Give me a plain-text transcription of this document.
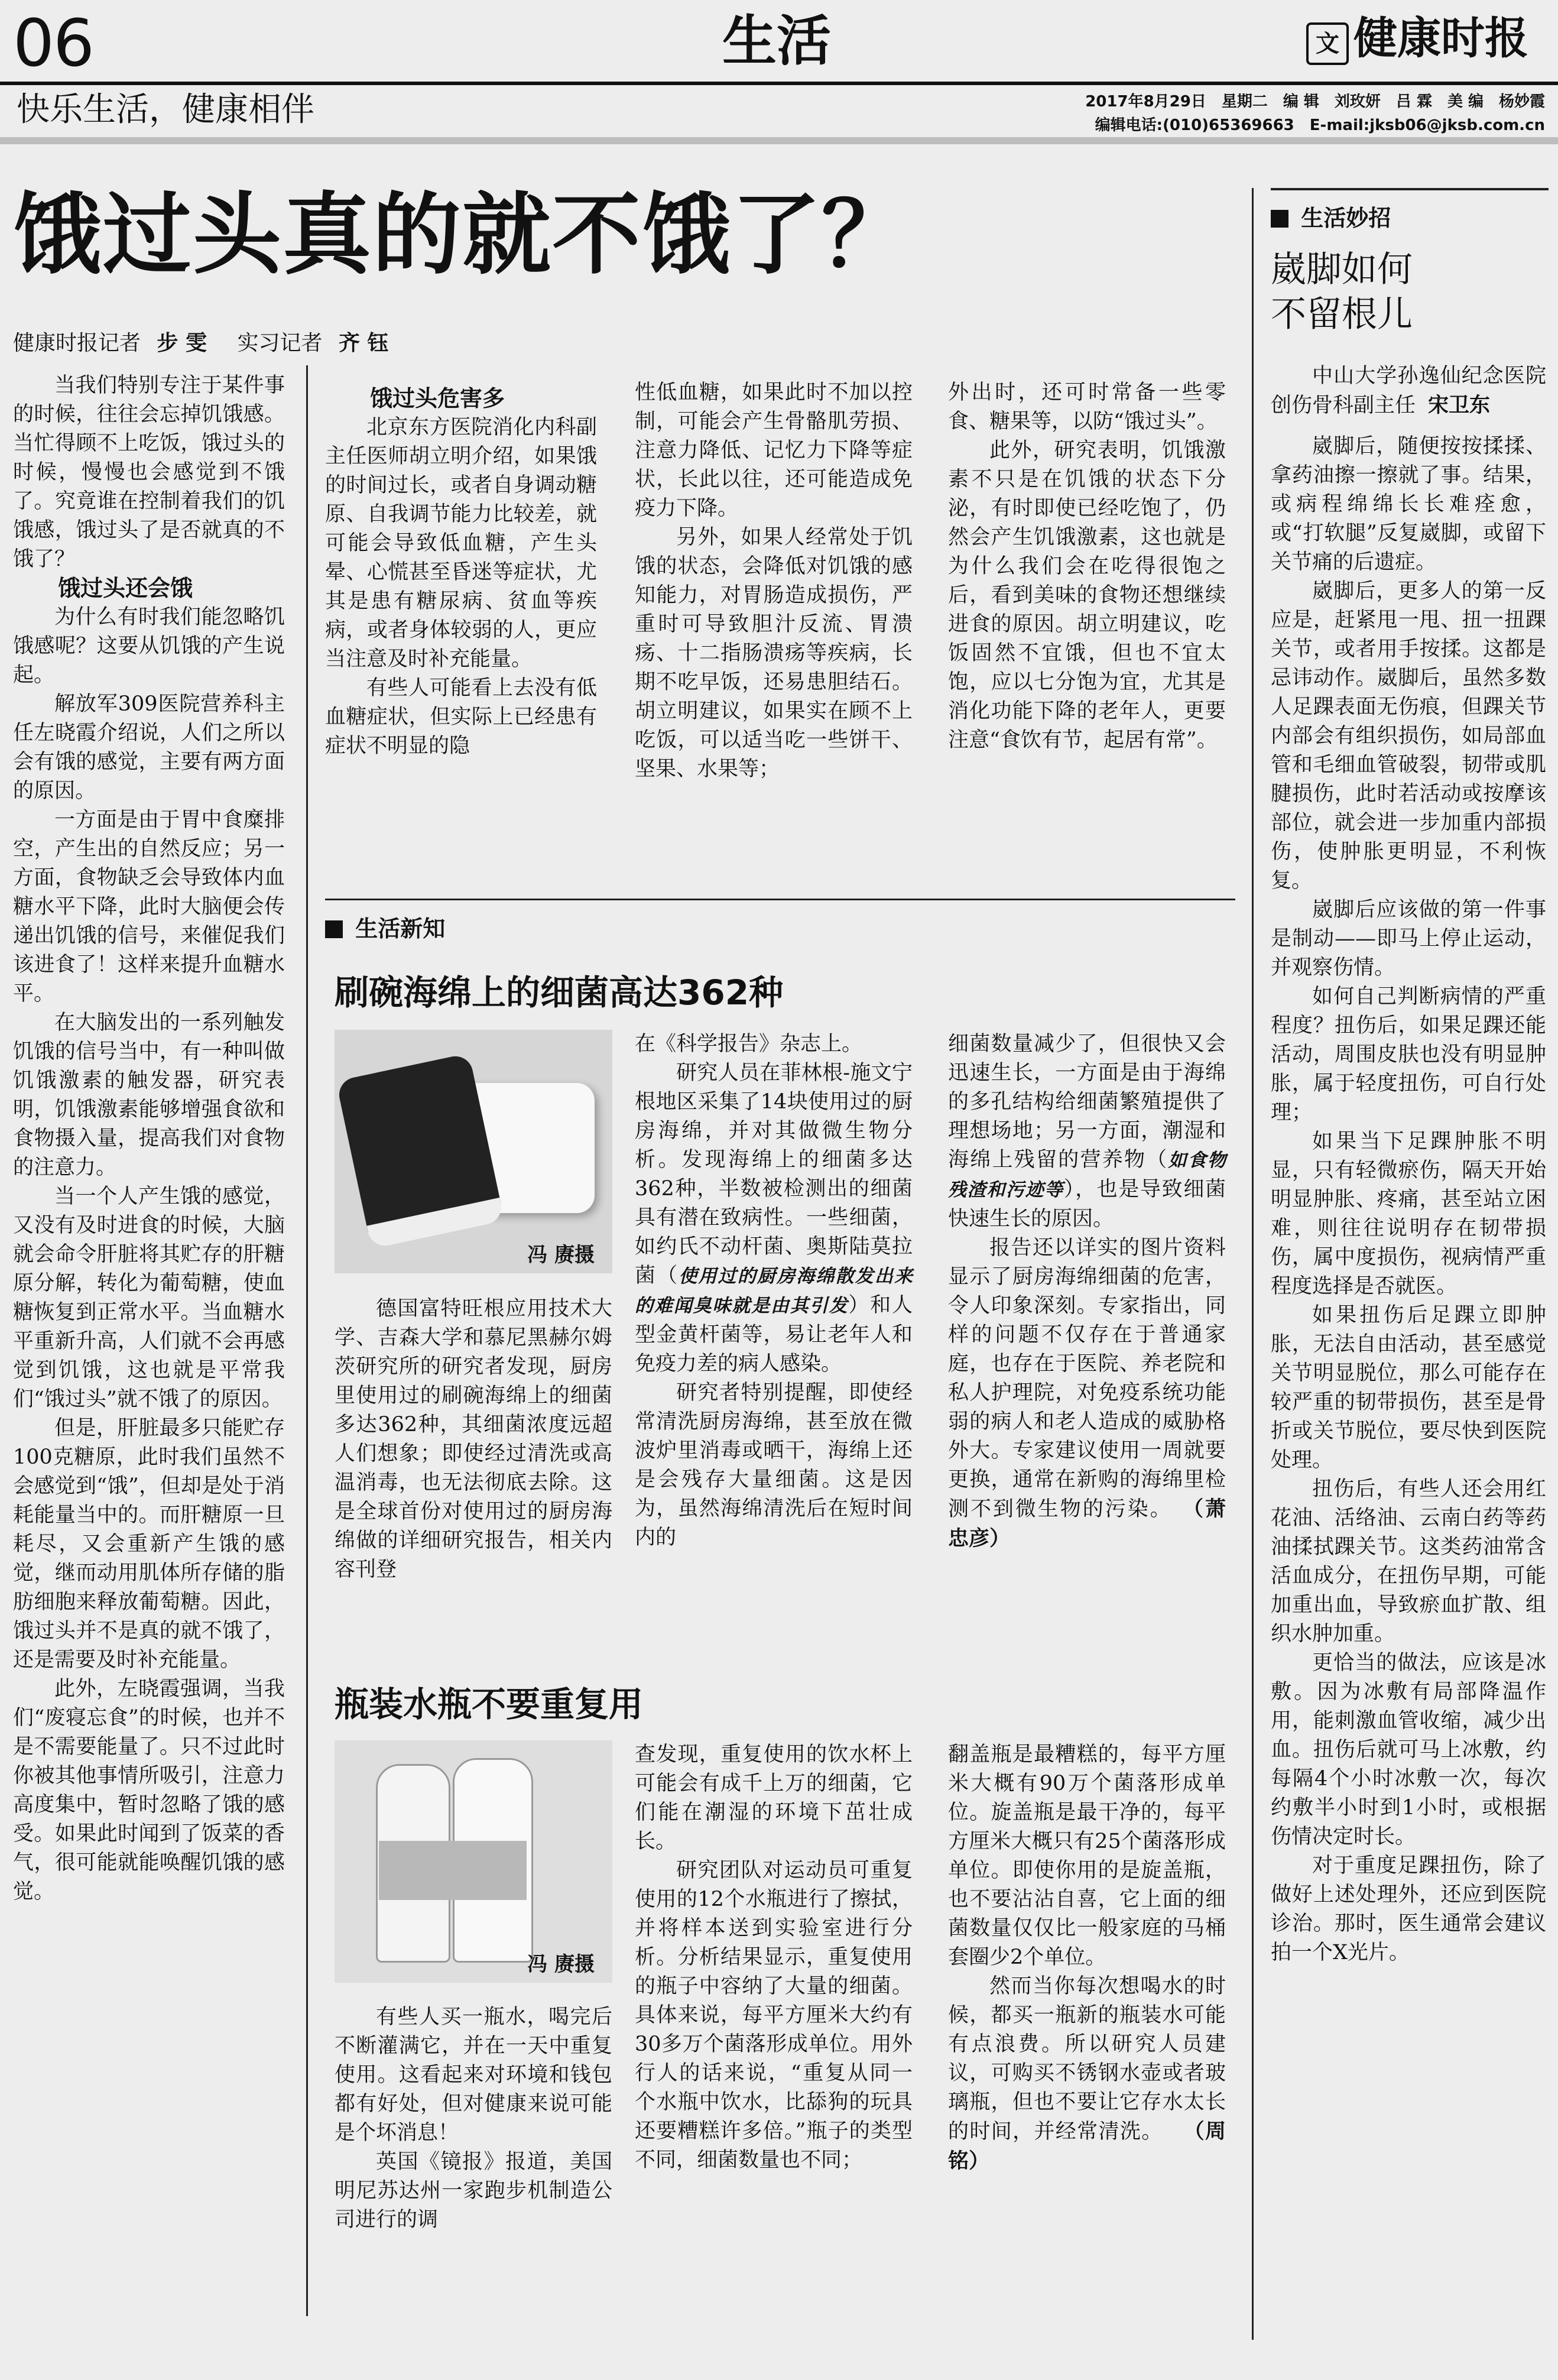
06	生活	文 健康时报
快乐生活，健康相伴	2017年8月29日　星期二　编 辑　刘玫妍　吕 霖　美 编　杨妙霞
编辑电话:(010)65369663　E-mail:jksb06@jksb.com.cn
饿过头真的就不饿了？
健康时报记者 步 雯 实习记者 齐 钰

当我们特别专注于某件事的时候，往往会忘掉饥饿感。当忙得顾不上吃饭，饿过头的时候，慢慢也会感觉到不饿了。究竟谁在控制着我们的饥饿感，饿过头了是否就真的不饿了？

饿过头还会饿

为什么有时我们能忽略饥饿感呢？这要从饥饿的产生说起。

解放军309医院营养科主任左晓霞介绍说，人们之所以会有饿的感觉，主要有两方面的原因。

一方面是由于胃中食糜排空，产生出的自然反应；另一方面，食物缺乏会导致体内血糖水平下降，此时大脑便会传递出饥饿的信号，来催促我们该进食了！这样来提升血糖水平。

在大脑发出的一系列触发饥饿的信号当中，有一种叫做饥饿激素的触发器，研究表明，饥饿激素能够增强食欲和食物摄入量，提高我们对食物的注意力。

当一个人产生饿的感觉，又没有及时进食的时候，大脑就会命令肝脏将其贮存的肝糖原分解，转化为葡萄糖，使血糖恢复到正常水平。当血糖水平重新升高，人们就不会再感觉到饥饿，这也就是平常我们“饿过头”就不饿了的原因。

但是，肝脏最多只能贮存100克糖原，此时我们虽然不会感觉到“饿”，但却是处于消耗能量当中的。而肝糖原一旦耗尽，又会重新产生饿的感觉，继而动用肌体所存储的脂肪细胞来释放葡萄糖。因此，饿过头并不是真的就不饿了，还是需要及时补充能量。

此外，左晓霞强调，当我们“废寝忘食”的时候，也并不是不需要能量了。只不过此时你被其他事情所吸引，注意力高度集中，暂时忽略了饿的感受。如果此时闻到了饭菜的香气，很可能就能唤醒饥饿的感觉。

饿过头危害多

北京东方医院消化内科副主任医师胡立明介绍，如果饿的时间过长，或者自身调动糖原、自我调节能力比较差，就可能会导致低血糖，产生头晕、心慌甚至昏迷等症状，尤其是患有糖尿病、贫血等疾病，或者身体较弱的人，更应当注意及时补充能量。

有些人可能看上去没有低血糖症状，但实际上已经患有症状不明显的隐

性低血糖，如果此时不加以控制，可能会产生骨骼肌劳损、注意力降低、记忆力下降等症状，长此以往，还可能造成免疫力下降。

另外，如果人经常处于饥饿的状态，会降低对饥饿的感知能力，对胃肠造成损伤，严重时可导致胆汁反流、胃溃疡、十二指肠溃疡等疾病，长期不吃早饭，还易患胆结石。胡立明建议，如果实在顾不上吃饭，可以适当吃一些饼干、坚果、水果等；

外出时，还可时常备一些零食、糖果等，以防“饿过头”。

此外，研究表明，饥饿激素不只是在饥饿的状态下分泌，有时即使已经吃饱了，仍然会产生饥饿激素，这也就是为什么我们会在吃得很饱之后，看到美味的食物还想继续进食的原因。胡立明建议，吃饭固然不宜饿，但也不宜太饱，应以七分饱为宜，尤其是消化功能下降的老年人，更要注意“食饮有节，起居有常”。

生活新知
刷碗海绵上的细菌高达362种
冯 赓摄

德国富特旺根应用技术大学、吉森大学和慕尼黑赫尔姆茨研究所的研究者发现，厨房里使用过的刷碗海绵上的细菌多达362种，其细菌浓度远超人们想象；即使经过清洗或高温消毒，也无法彻底去除。这是全球首份对使用过的厨房海绵做的详细研究报告，相关内容刊登

在《科学报告》杂志上。

研究人员在菲林根-施文宁根地区采集了14块使用过的厨房海绵，并对其做微生物分析。发现海绵上的细菌多达362种，半数被检测出的细菌具有潜在致病性。一些细菌，如约氏不动杆菌、奥斯陆莫拉菌（使用过的厨房海绵散发出来的难闻臭味就是由其引发）和人型金黄杆菌等，易让老年人和免疫力差的病人感染。

研究者特别提醒，即使经常清洗厨房海绵，甚至放在微波炉里消毒或晒干，海绵上还是会残存大量细菌。这是因为，虽然海绵清洗后在短时间内的

细菌数量减少了，但很快又会迅速生长，一方面是由于海绵的多孔结构给细菌繁殖提供了理想场地；另一方面，潮湿和海绵上残留的营养物（如食物残渣和污迹等），也是导致细菌快速生长的原因。

报告还以详实的图片资料显示了厨房海绵细菌的危害，令人印象深刻。专家指出，同样的问题不仅存在于普通家庭，也存在于医院、养老院和私人护理院，对免疫系统功能弱的病人和老人造成的威胁格外大。专家建议使用一周就要更换，通常在新购的海绵里检测不到微生物的污染。 （萧忠彦）

瓶装水瓶不要重复用
冯 赓摄

有些人买一瓶水，喝完后不断灌满它，并在一天中重复使用。这看起来对环境和钱包都有好处，但对健康来说可能是个坏消息！

英国《镜报》报道，美国明尼苏达州一家跑步机制造公司进行的调

查发现，重复使用的饮水杯上可能会有成千上万的细菌，它们能在潮湿的环境下茁壮成长。

研究团队对运动员可重复使用的12个水瓶进行了擦拭，并将样本送到实验室进行分析。分析结果显示，重复使用的瓶子中容纳了大量的细菌。具体来说，每平方厘米大约有30多万个菌落形成单位。用外行人的话来说，“重复从同一个水瓶中饮水，比舔狗的玩具还要糟糕许多倍。”瓶子的类型不同，细菌数量也不同；

翻盖瓶是最糟糕的，每平方厘米大概有90万个菌落形成单位。旋盖瓶是最干净的，每平方厘米大概只有25个菌落形成单位。即使你用的是旋盖瓶，也不要沾沾自喜，它上面的细菌数量仅仅比一般家庭的马桶套圈少2个单位。

然而当你每次想喝水的时候，都买一瓶新的瓶装水可能有点浪费。所以研究人员建议，可购买不锈钢水壶或者玻璃瓶，但也不要让它存水太长的时间，并经常清洗。 （周 铭）

生活妙招
崴脚如何
不留根儿

中山大学孙逸仙纪念医院创伤骨科副主任 宋卫东

崴脚后，随便按按揉揉、拿药油擦一擦就了事。结果，或病程绵绵长长难痊愈，或“打软腿”反复崴脚，或留下关节痛的后遗症。

崴脚后，更多人的第一反应是，赶紧甩一甩、扭一扭踝关节，或者用手按揉。这都是忌讳动作。崴脚后，虽然多数人足踝表面无伤痕，但踝关节内部会有组织损伤，如局部血管和毛细血管破裂，韧带或肌腱损伤，此时若活动或按摩该部位，就会进一步加重内部损伤，使肿胀更明显，不利恢复。

崴脚后应该做的第一件事是制动——即马上停止运动，并观察伤情。

如何自己判断病情的严重程度？扭伤后，如果足踝还能活动，周围皮肤也没有明显肿胀，属于轻度扭伤，可自行处理；

如果当下足踝肿胀不明显，只有轻微瘀伤，隔天开始明显肿胀、疼痛，甚至站立困难，则往往说明存在韧带损伤，属中度损伤，视病情严重程度选择是否就医。

如果扭伤后足踝立即肿胀，无法自由活动，甚至感觉关节明显脱位，那么可能存在较严重的韧带损伤，甚至是骨折或关节脱位，要尽快到医院处理。

扭伤后，有些人还会用红花油、活络油、云南白药等药油揉拭踝关节。这类药油常含活血成分，在扭伤早期，可能加重出血，导致瘀血扩散、组织水肿加重。

更恰当的做法，应该是冰敷。因为冰敷有局部降温作用，能刺激血管收缩，减少出血。扭伤后就可马上冰敷，约每隔4个小时冰敷一次，每次约敷半小时到1小时，或根据伤情决定时长。

对于重度足踝扭伤，除了做好上述处理外，还应到医院诊治。那时，医生通常会建议拍一个X光片。
